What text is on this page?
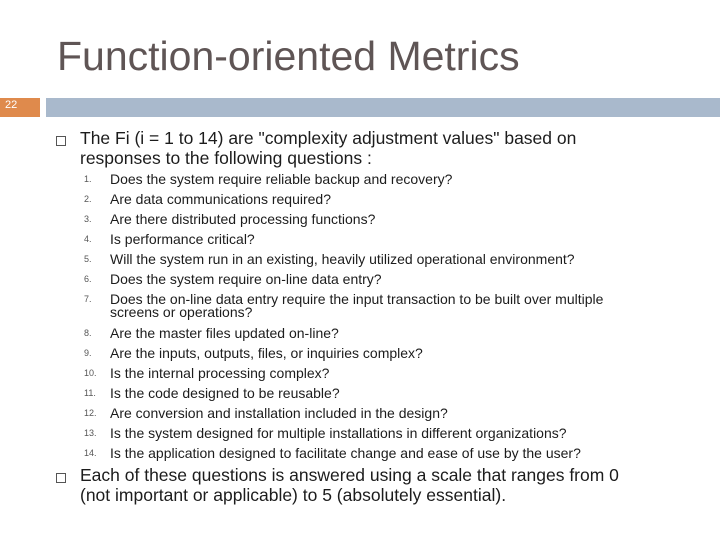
Function-oriented Metrics
22
The Fi (i = 1 to 14) are "complexity adjustment values" based on
responses to the following questions :
1.	Does the system require reliable backup and recovery?
2.	Are data communications required?
3.	Are there distributed processing functions?
4.	Is performance critical?
5.	Will the system run in an existing, heavily utilized operational environment?
6.	Does the system require on-line data entry?
7.	Does the on-line data entry require the input transaction to be built over multiple
screens or operations?
8.	Are the master files updated on-line?
9.	Are the inputs, outputs, files, or inquiries complex?
10. Is the internal processing complex?
11. Is the code designed to be reusable?
12. Are conversion and installation included in the design?
13. Is the system designed for multiple installations in different organizations?
14. Is the application designed to facilitate change and ease of use by the user?
Each of these questions is answered using a scale that ranges from 0
(not important or applicable) to 5 (absolutely essential).
